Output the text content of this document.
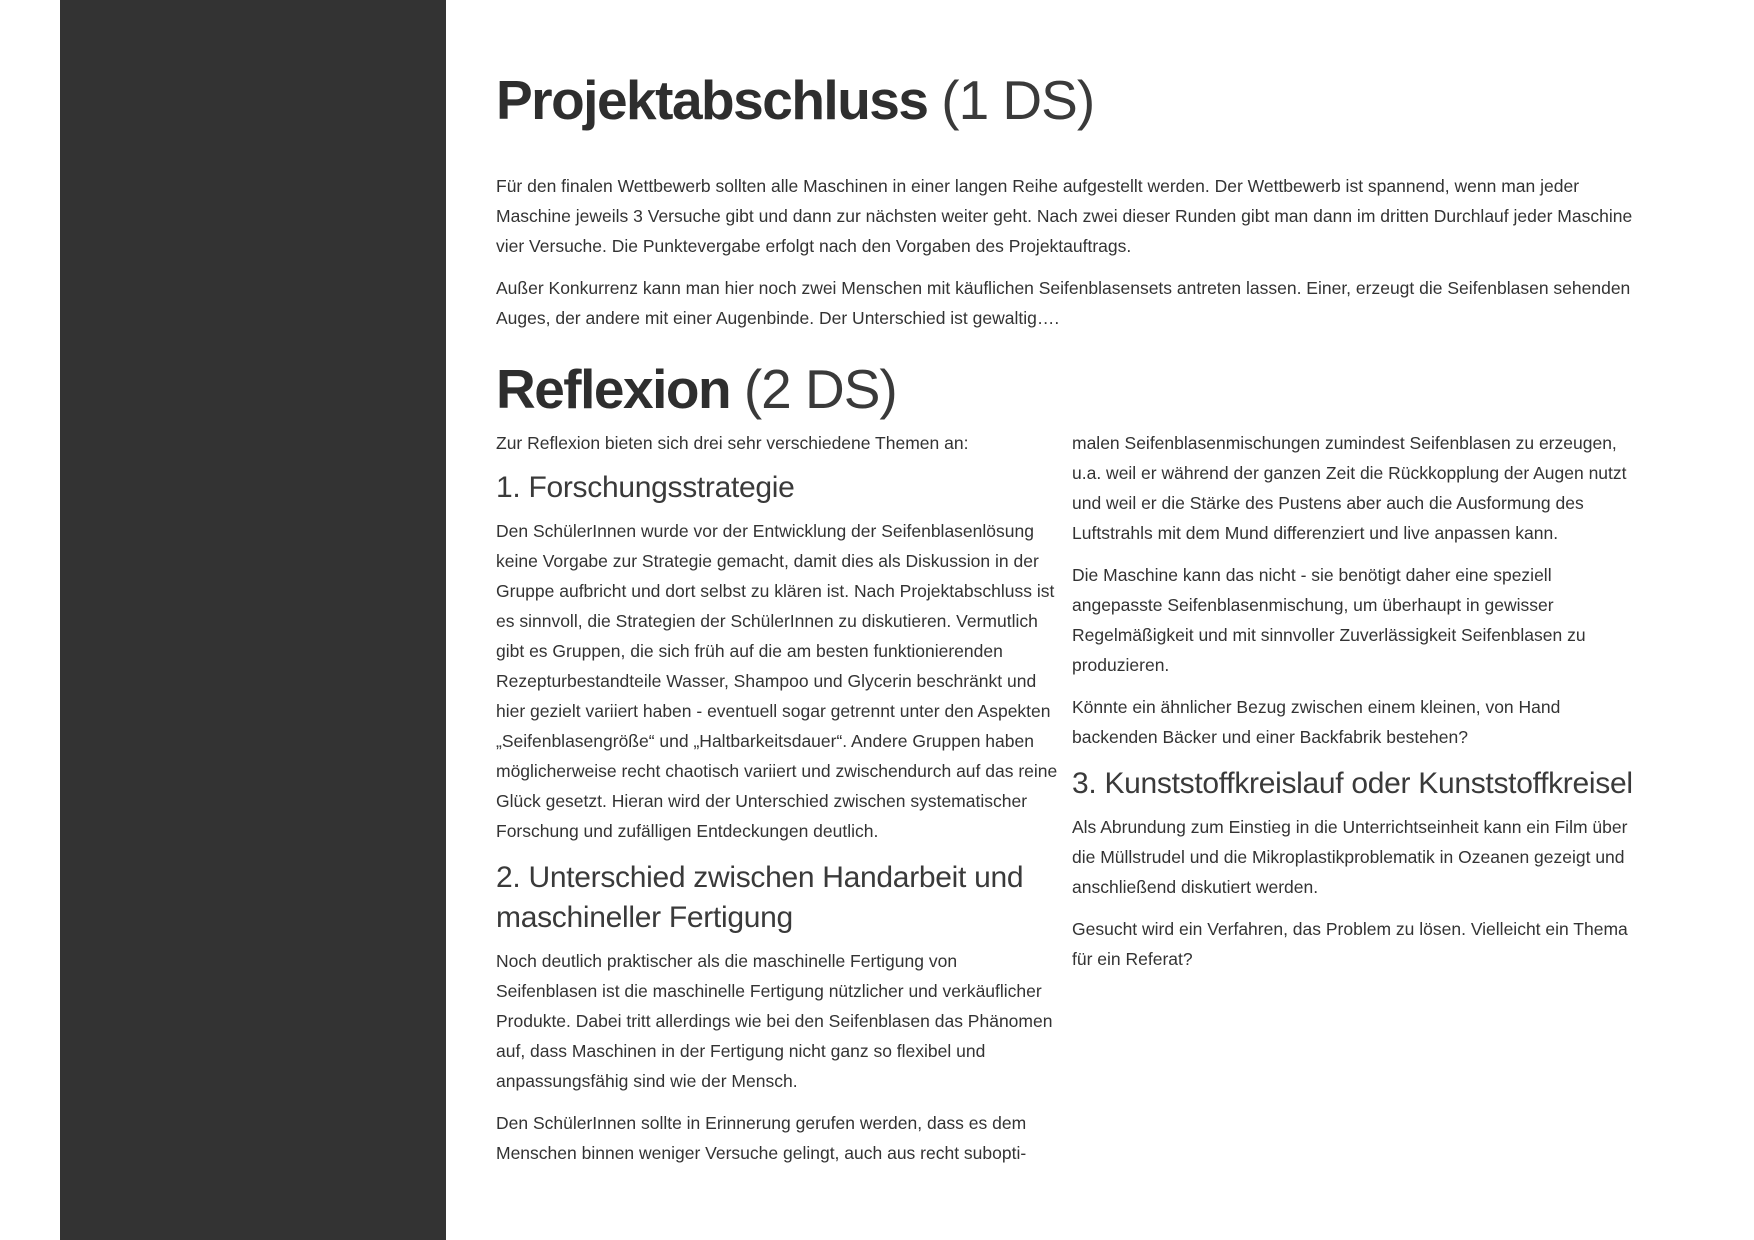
Projektabschluss (1 DS)

Für den finalen Wettbewerb sollten alle Maschinen in einer langen Reihe aufgestellt werden. Der Wettbewerb ist spannend, wenn man jeder Maschine jeweils 3 Versuche gibt und dann zur nächsten weiter geht. Nach zwei dieser Runden gibt man dann im dritten Durchlauf jeder Maschine vier Versuche. Die Punktevergabe erfolgt nach den Vorgaben des Projektauftrags.

Außer Konkurrenz kann man hier noch zwei Menschen mit käuflichen Seifenblasensets antreten lassen. Einer, erzeugt die Seifenblasen sehenden Auges, der andere mit einer Augenbinde. Der Unterschied ist gewaltig….

Reflexion (2 DS)

Zur Reflexion bieten sich drei sehr verschiedene Themen an:

1. Forschungsstrategie

Den SchülerInnen wurde vor der Entwicklung der Seifenblasenlösung keine Vorgabe zur Strategie gemacht, damit dies als Diskussion in der Gruppe aufbricht und dort selbst zu klären ist. Nach Projektabschluss ist es sinnvoll, die Strategien der SchülerInnen zu diskutieren. Vermutlich gibt es Gruppen, die sich früh auf die am besten funktionierenden Rezepturbestandteile Wasser, Shampoo und Glycerin beschränkt und hier gezielt variiert haben - eventuell sogar getrennt unter den Aspekten „Seifenblasengröße“ und „Haltbarkeitsdauer“. Andere Gruppen haben möglicherweise recht chaotisch variiert und zwischendurch auf das reine Glück gesetzt. Hieran wird der Unterschied zwischen systematischer Forschung und zufälligen Entdeckungen deutlich.

2. Unterschied zwischen Handarbeit und maschineller Fertigung

Noch deutlich praktischer als die maschinelle Fertigung von Seifenblasen ist die maschinelle Fertigung nützlicher und verkäuflicher Produkte. Dabei tritt allerdings wie bei den Seifenblasen das Phänomen auf, dass Maschinen in der Fertigung nicht ganz so flexibel und anpassungsfähig sind wie der Mensch.

Den SchülerInnen sollte in Erinnerung gerufen werden, dass es dem Menschen binnen weniger Versuche gelingt, auch aus recht subopti-

malen Seifenblasenmischungen zumindest Seifenblasen zu erzeugen, u.a. weil er während der ganzen Zeit die Rückkopplung der Augen nutzt und weil er die Stärke des Pustens aber auch die Ausformung des Luftstrahls mit dem Mund differenziert und live anpassen kann.

Die Maschine kann das nicht - sie benötigt daher eine speziell angepasste Seifenblasenmischung, um überhaupt in gewisser Regelmäßigkeit und mit sinnvoller Zuverlässigkeit Seifenblasen zu produzieren.

Könnte ein ähnlicher Bezug zwischen einem kleinen, von Hand backenden Bäcker und einer Backfabrik bestehen?

3. Kunststoffkreislauf oder Kunststoffkreisel

Als Abrundung zum Einstieg in die Unterrichtseinheit kann ein Film über die Müllstrudel und die Mikroplastikproblematik in Ozeanen gezeigt und anschließend diskutiert werden.

Gesucht wird ein Verfahren, das Problem zu lösen. Vielleicht ein Thema für ein Referat?
